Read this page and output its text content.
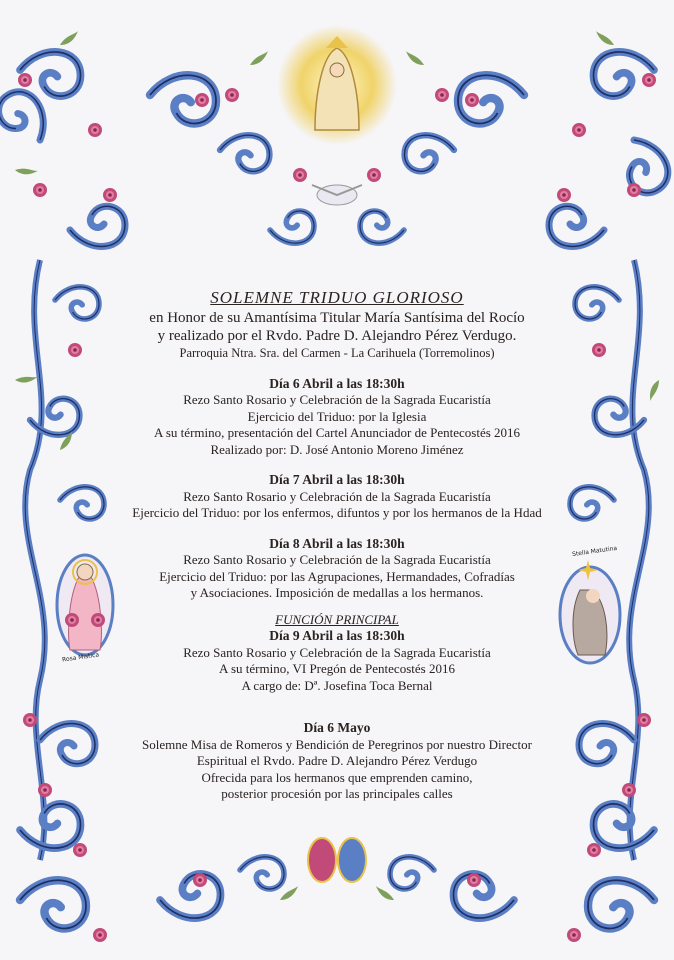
Rosa Mística
Stella Matutina
SOLEMNE TRIDUO GLORIOSO
en Honor de su Amantísima Titular María Santísima del Rocío
y realizado por el Rvdo. Padre D. Alejandro Pérez Verdugo.
Parroquia Ntra. Sra. del Carmen - La Carihuela (Torremolinos)
Día 6 Abril a las 18:30h
Rezo Santo Rosario y Celebración de la Sagrada Eucaristía
Ejercicio del Triduo: por la Iglesia
A su término, presentación del Cartel Anunciador de Pentecostés 2016
Realizado por: D. José Antonio Moreno Jiménez
Día 7 Abril a las 18:30h
Rezo Santo Rosario y Celebración de la Sagrada Eucaristía
Ejercicio del Triduo: por los enfermos, difuntos y por los hermanos de la Hdad
Día 8 Abril a las 18:30h
Rezo Santo Rosario y Celebración de la Sagrada Eucaristía
Ejercicio del Triduo: por las Agrupaciones, Hermandades, Cofradías
y Asociaciones. Imposición de medallas a los hermanos.
FUNCIÓN PRINCIPAL
Día 9 Abril a las 18:30h
Rezo Santo Rosario y Celebración de la Sagrada Eucaristía
A su término, VI Pregón de Pentecostés 2016
A cargo de: Dª. Josefina Toca Bernal
Día 6 Mayo
Solemne Misa de Romeros y Bendición de Peregrinos por nuestro Director
Espiritual el Rvdo. Padre D. Alejandro Pérez Verdugo
Ofrecida para los hermanos que emprenden camino,
posterior procesión por las principales calles
